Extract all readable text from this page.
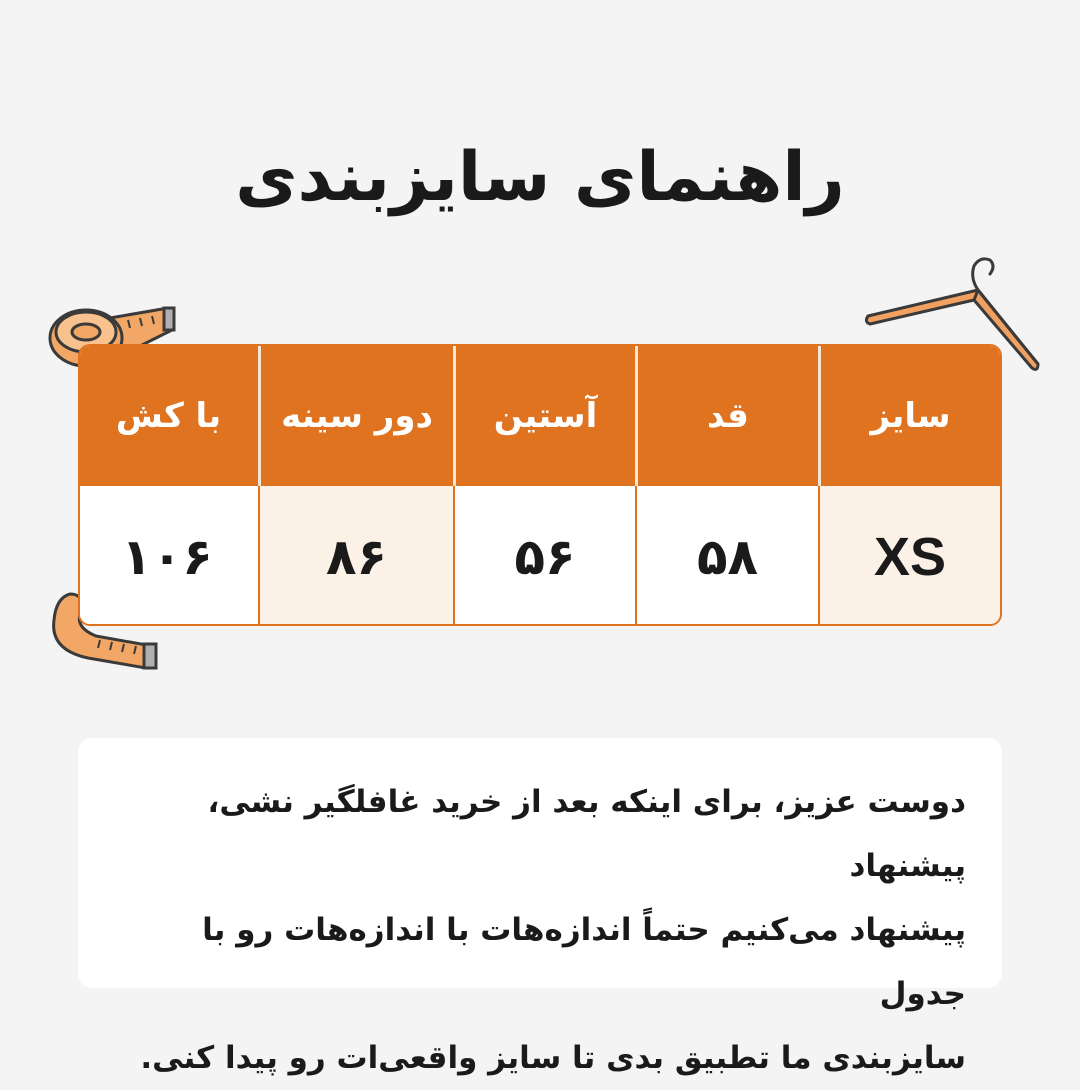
راهنمای سایزبندی
سایز
قد
آستین
دور سینه
با کش
XS
۵۸
۵۶
۸۶
۱۰۶

دوست عزیز، برای اینکه بعد از خرید غافلگیر نشی، پیشنهاد

پیشنهاد می‌کنیم حتماً اندازه‌هات با اندازه‌هات رو با جدول

سایزبندی ما تطبیق بدی تا سایز واقعی‌ات رو پیدا کنی.
